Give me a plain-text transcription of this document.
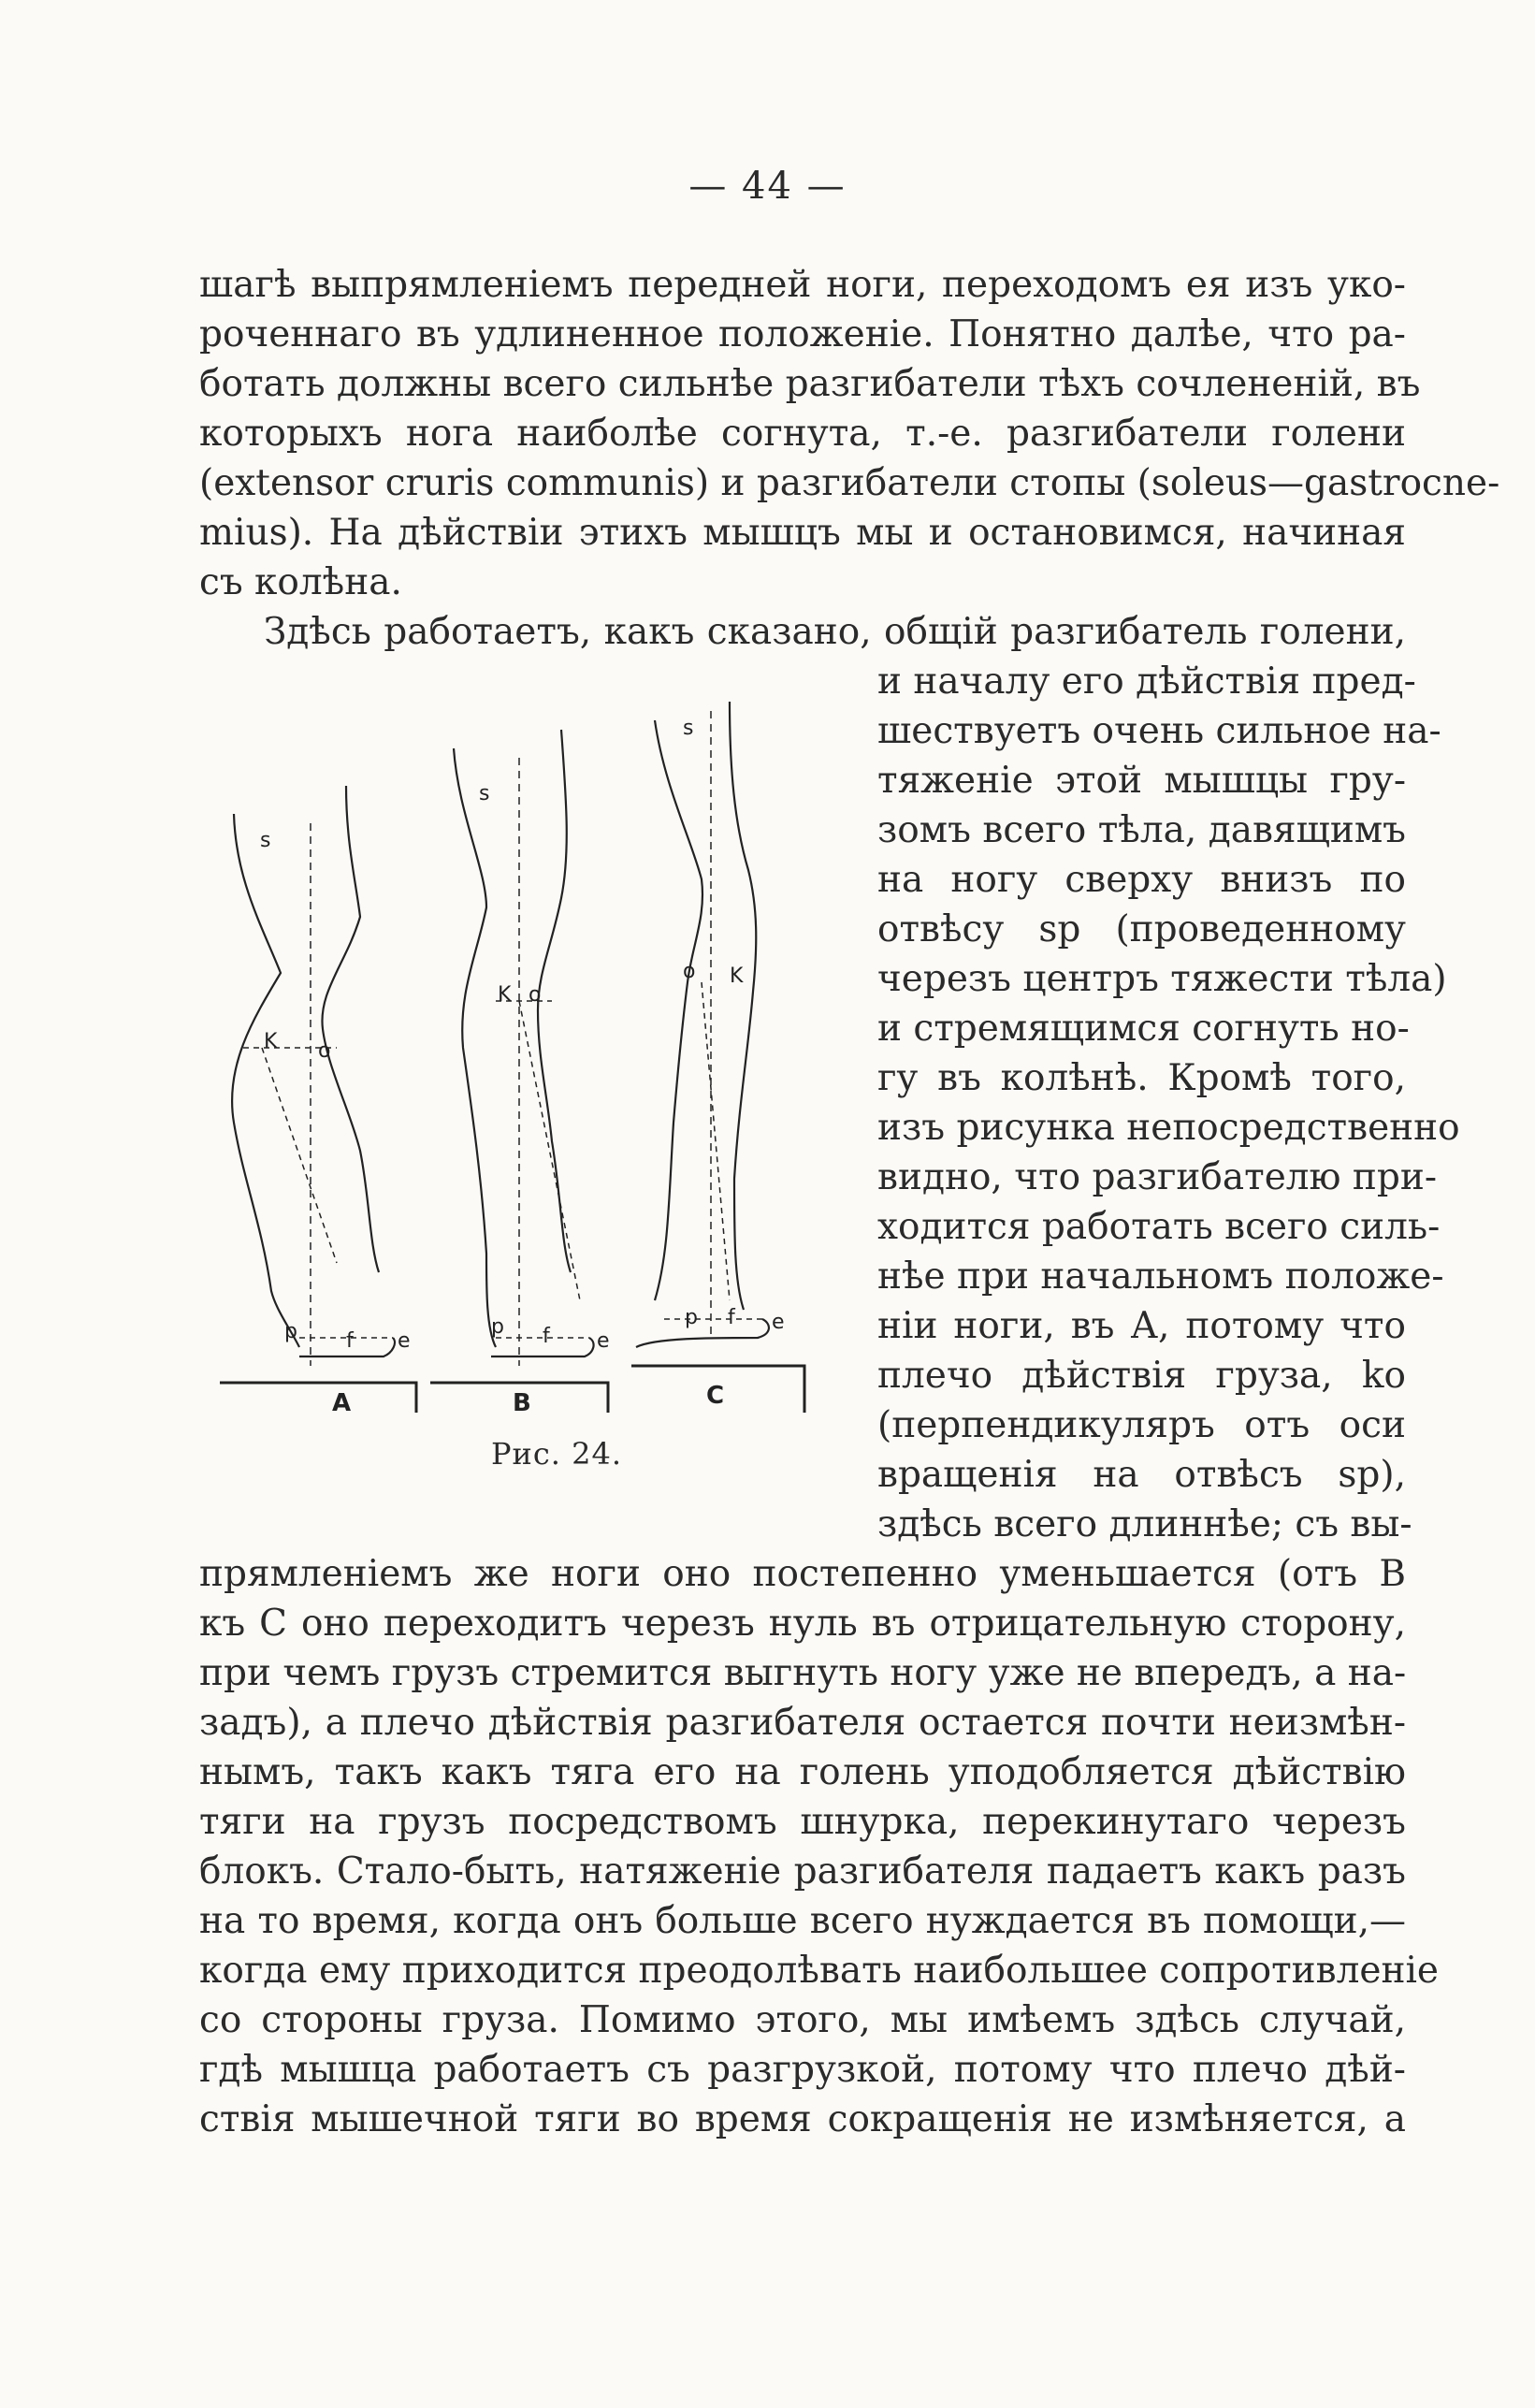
— 44 —
шагѣ выпрямленіемъ передней ноги, переходомъ ея изъ уко-
роченнаго въ удлиненное положеніе. Понятно далѣе, что ра-
ботать должны всего сильнѣе разгибатели тѣхъ сочлененій, въ
которыхъ нога наиболѣе согнута, т.-е. разгибатели голени
(extensor cruris communis) и разгибатели стопы (soleus—gastrocne-
mius). На дѣйствіи этихъ мышцъ мы и остановимся, начиная
съ колѣна.
Здѣсь работаетъ, какъ сказано, общій разгибатель голени,
и началу его дѣйствія пред-
шествуетъ очень сильное на-
тяженіе этой мышцы гру-
зомъ всего тѣла, давящимъ
на ногу сверху внизъ по
отвѣсу sp (проведенному
черезъ центръ тяжести тѣла)
и стремящимся согнуть но-
гу въ колѣнѣ. Кромѣ того,
изъ рисунка непосредственно
видно, что разгибателю при-
ходится работать всего силь-
нѣе при начальномъ положе-
ніи ноги, въ А, потому что
плечо дѣйствія груза, ko
(перпендикуляръ отъ оси
вращенія на отвѣсъ sp),
здѣсь всего длиннѣе; съ вы-
прямленіемъ же ноги оно постепенно уменьшается (отъ B
къ C оно переходитъ черезъ нуль въ отрицательную сторону,
при чемъ грузъ стремится выгнуть ногу уже не впередъ, а на-
задъ), а плечо дѣйствія разгибателя остается почти неизмѣн-
нымъ, такъ какъ тяга его на голень уподобляется дѣйствію
тяги на грузъ посредствомъ шнурка, перекинутаго черезъ
блокъ. Стало-быть, натяженіе разгибателя падаетъ какъ разъ
на то время, когда онъ больше всего нуждается въ помощи,—
когда ему приходится преодолѣвать наибольшее сопротивленіе
со стороны груза. Помимо этого, мы имѣемъ здѣсь случай,
гдѣ мышца работаетъ съ разгрузкой, потому что плечо дѣй-
ствія мышечной тяги во время сокращенія не измѣняется, а
s
K o
p f e
A
s
K o
p f e
B
s
K
o
p f e
C
Рис. 24.
